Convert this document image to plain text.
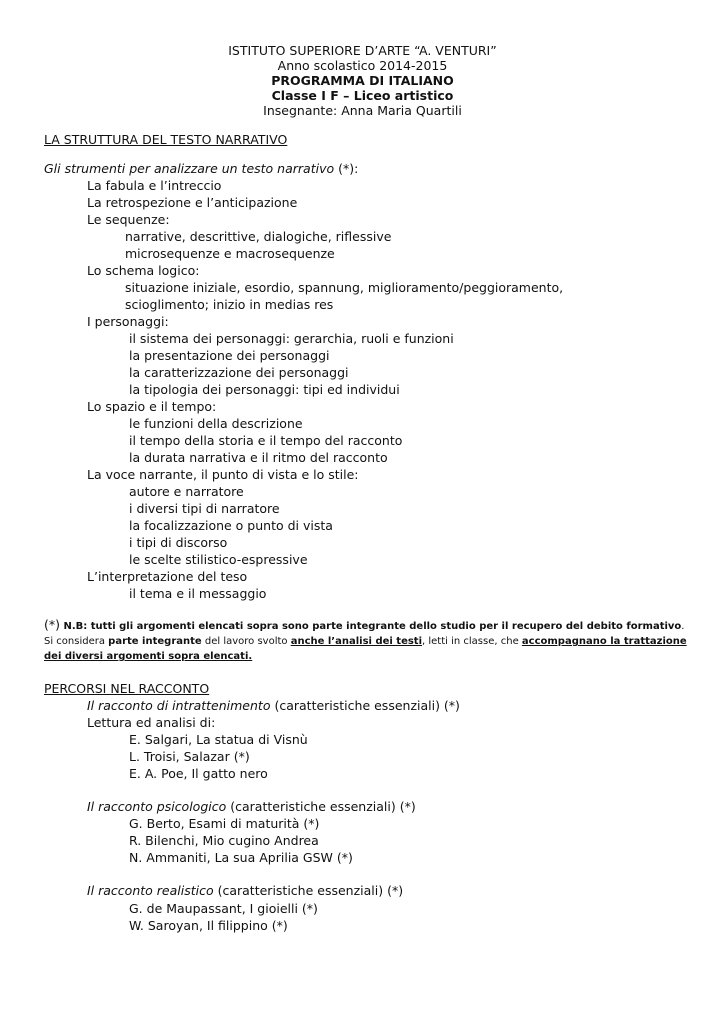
ISTITUTO SUPERIORE D’ARTE “A. VENTURI”
Anno scolastico 2014-2015
PROGRAMMA DI ITALIANO
Classe I F – Liceo artistico
Insegnante: Anna Maria Quartili
LA STRUTTURA DEL TESTO NARRATIVO
Gli strumenti per analizzare un testo narrativo (*):
La fabula e l’intreccio
La retrospezione e l’anticipazione
Le sequenze:
narrative, descrittive, dialogiche, riflessive
microsequenze e macrosequenze
Lo schema logico:
situazione iniziale, esordio, spannung, miglioramento/peggioramento,
scioglimento; inizio in medias res
I personaggi:
il sistema dei personaggi: gerarchia, ruoli e funzioni
la presentazione dei personaggi
la caratterizzazione dei personaggi
la tipologia dei personaggi: tipi ed individui
Lo spazio e il tempo:
le funzioni della descrizione
il tempo della storia e il tempo del racconto
la durata narrativa e il ritmo del racconto
La voce narrante, il punto di vista e lo stile:
autore e narratore
i diversi tipi di narratore
la focalizzazione o punto di vista
i tipi di discorso
le scelte stilistico-espressive
L’interpretazione del teso
il tema e il messaggio
(*) N.B: tutti gli argomenti elencati sopra sono parte integrante dello studio per il recupero del debito formativo.
Si considera parte integrante del lavoro svolto anche l’analisi dei testi, letti in classe, che accompagnano la trattazione
dei diversi argomenti sopra elencati.
PERCORSI NEL RACCONTO
Il racconto di intrattenimento (caratteristiche essenziali) (*)
Lettura ed analisi di:
E. Salgari, La statua di Visnù
L. Troisi, Salazar (*)
E. A. Poe, Il gatto nero
Il racconto psicologico (caratteristiche essenziali) (*)
G. Berto, Esami di maturità (*)
R. Bilenchi, Mio cugino Andrea
N. Ammaniti, La sua Aprilia GSW (*)
Il racconto realistico (caratteristiche essenziali) (*)
G. de Maupassant, I gioielli (*)
W. Saroyan, Il filippino (*)
